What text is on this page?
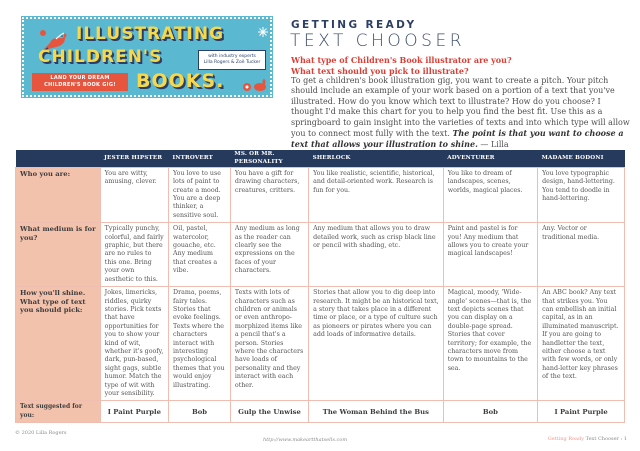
ILLUSTRATING
CHILDREN'S
BOOKS.
with industry experts
Lilla Rogers & Zoë Tucker
LAND YOUR DREAM
CHILDREN'S BOOK GIG!
GETTING READY
TEXT CHOOSER
What type of Children's Book illustrator are you?
What text should you pick to illustrate?

To get a children's book illustration gig, you want to create a pitch. Your pitch should include an example of your work based on a portion of a text that you've illustrated. How do you know which text to illustrate? How do you choose? I thought I'd make this chart for you to help you find the best fit. Use this as a springboard to gain insight into the varieties of texts and into which type will allow you to connect most fully with the text. The point is that you want to choose a text that allows your illustration to shine. — Lilla

	JESTER HIPSTER	INTROVERT	MS. OR MR. PERSONALITY	SHERLOCK	ADVENTURER	MADAME BODONI
Who you are:	You are witty, amusing, clever.	You love to use lots of paint to create a mood. You are a deep thinker, a sensitive soul.	You have a gift for drawing characters, creatures, critters.	You like realistic, scientific, historical, and detail-oriented work. Research is fun for you.	You like to dream of landscapes, scenes, worlds, magical places.	You love typographic design, hand-lettering. You tend to doodle in hand-lettering.
What medium is for you?	Typically punchy, colorful, and fairly graphic, but there are no rules to this one. Bring your own aesthetic to this.	Oil, pastel, watercolor, gouache, etc. Any medium that creates a vibe.	Any medium as long as the reader can clearly see the expressions on the faces of your characters.	Any medium that allows you to draw detailed work, such as crisp black line or pencil with shading, etc.	Paint and pastel is for you! Any medium that allows you to create your magical landscapes!	Any. Vector or traditional media.
How you'll shine. What type of text you should pick:	Jokes, limericks, riddles, quirky stories. Pick texts that have opportunities for you to show your kind of wit, whether it's goofy, dark, pun-based, sight gags, subtle humor. Match the type of wit with your sensibility.	Drama, poems, fairy tales. Stories that evoke feelings. Texts where the characters interact with interesting psychological themes that you would enjoy illustrating.	Texts with lots of characters such as children or animals or even anthropo-morphized items like a pencil that's a person. Stories where the characters have loads of personality and they interact with each other.	Stories that allow you to dig deep into research. It might be an historical text, a story that takes place in a different time or place, or a type of culture such as pioneers or pirates where you can add loads of informative details.	Magical, moody, 'Wide-angle' scenes—that is, the text depicts scenes that you can display on a double-page spread. Stories that cover territory; for example, the characters move from town to mountains to the sea.	An ABC book? Any text that strikes you. You can embellish an initial capital, as in an illuminated manuscript. If you are going to handletter the text, either choose a text with few words, or only hand-letter key phrases of the text.
Text suggested for you:	I Paint Purple	Bob	Gulp the Unwise	The Woman Behind the Bus	Bob	I Paint Purple
© 2020 Lilla Rogers
http://www.makeartthatsells.com	Getting Ready Text Chooser : 1
